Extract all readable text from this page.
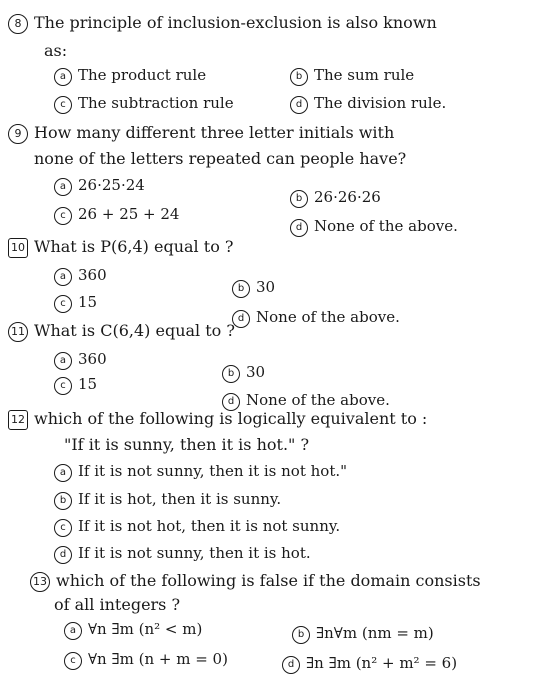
8 The principle of inclusion-exclusion is also known
as:
a The product rule	b The sum rule
c The subtraction rule	d The division rule.
9 How many different three letter initials with
none of the letters repeated can people have?
a 26·25·24
b 26·26·26
c 26 + 25 + 24
d None of the above.
10 What is P(6,4) equal to ?
a 360
b 30
c 15
d None of the above.
11 What is C(6,4) equal to ?
a 360
b 30
c 15
d None of the above.
12 which of the following is logically equivalent to :
"If it is sunny, then it is hot." ?
a If it is not sunny, then it is not hot."
b If it is hot, then it is sunny.
c If it is not hot, then it is not sunny.
d If it is not sunny, then it is hot.
13 which of the following is false if the domain consists
of all integers ?
a ∀n ∃m (n² < m)	b ∃n∀m (nm = m)
c ∀n ∃m (n + m = 0)	d ∃n ∃m (n² + m² = 6)
